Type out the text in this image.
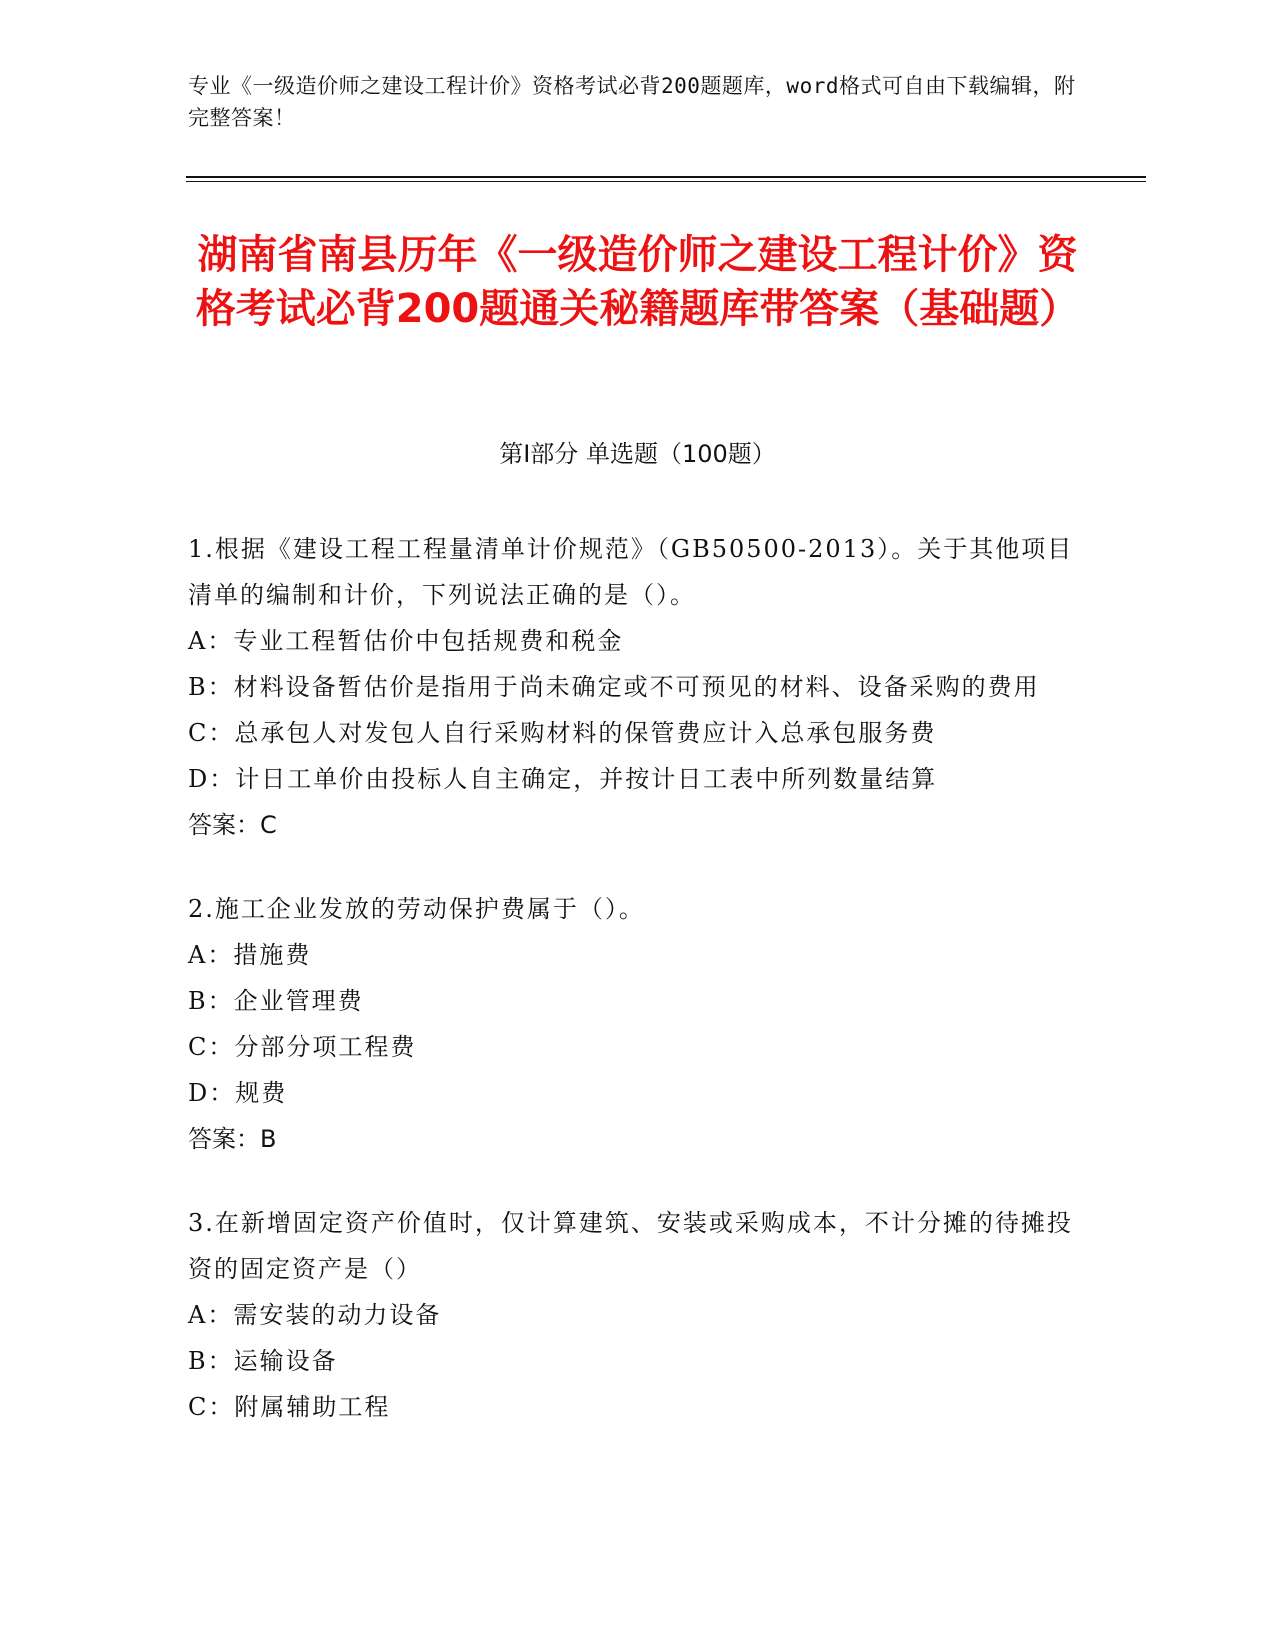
专业《一级造价师之建设工程计价》资格考试必背200题题库，word格式可自由下载编辑，附完整答案！
湖南省南县历年《一级造价师之建设工程计价》资格考试必背200题通关秘籍题库带答案（基础题）
第Ⅰ部分 单选题（100题）

1.根据《建设工程工程量清单计价规范》（GB50500-2013）。关于其他项目清单的编制和计价，下列说法正确的是（）。

A：专业工程暂估价中包括规费和税金

B：材料设备暂估价是指用于尚未确定或不可预见的材料、设备采购的费用

C：总承包人对发包人自行采购材料的保管费应计入总承包服务费

D：计日工单价由投标人自主确定，并按计日工表中所列数量结算

答案：C

2.施工企业发放的劳动保护费属于（）。

A：措施费

B：企业管理费

C：分部分项工程费

D：规费

答案：B

3.在新增固定资产价值时，仅计算建筑、安装或采购成本，不计分摊的待摊投资的固定资产是（）

A：需安装的动力设备

B：运输设备

C：附属辅助工程
